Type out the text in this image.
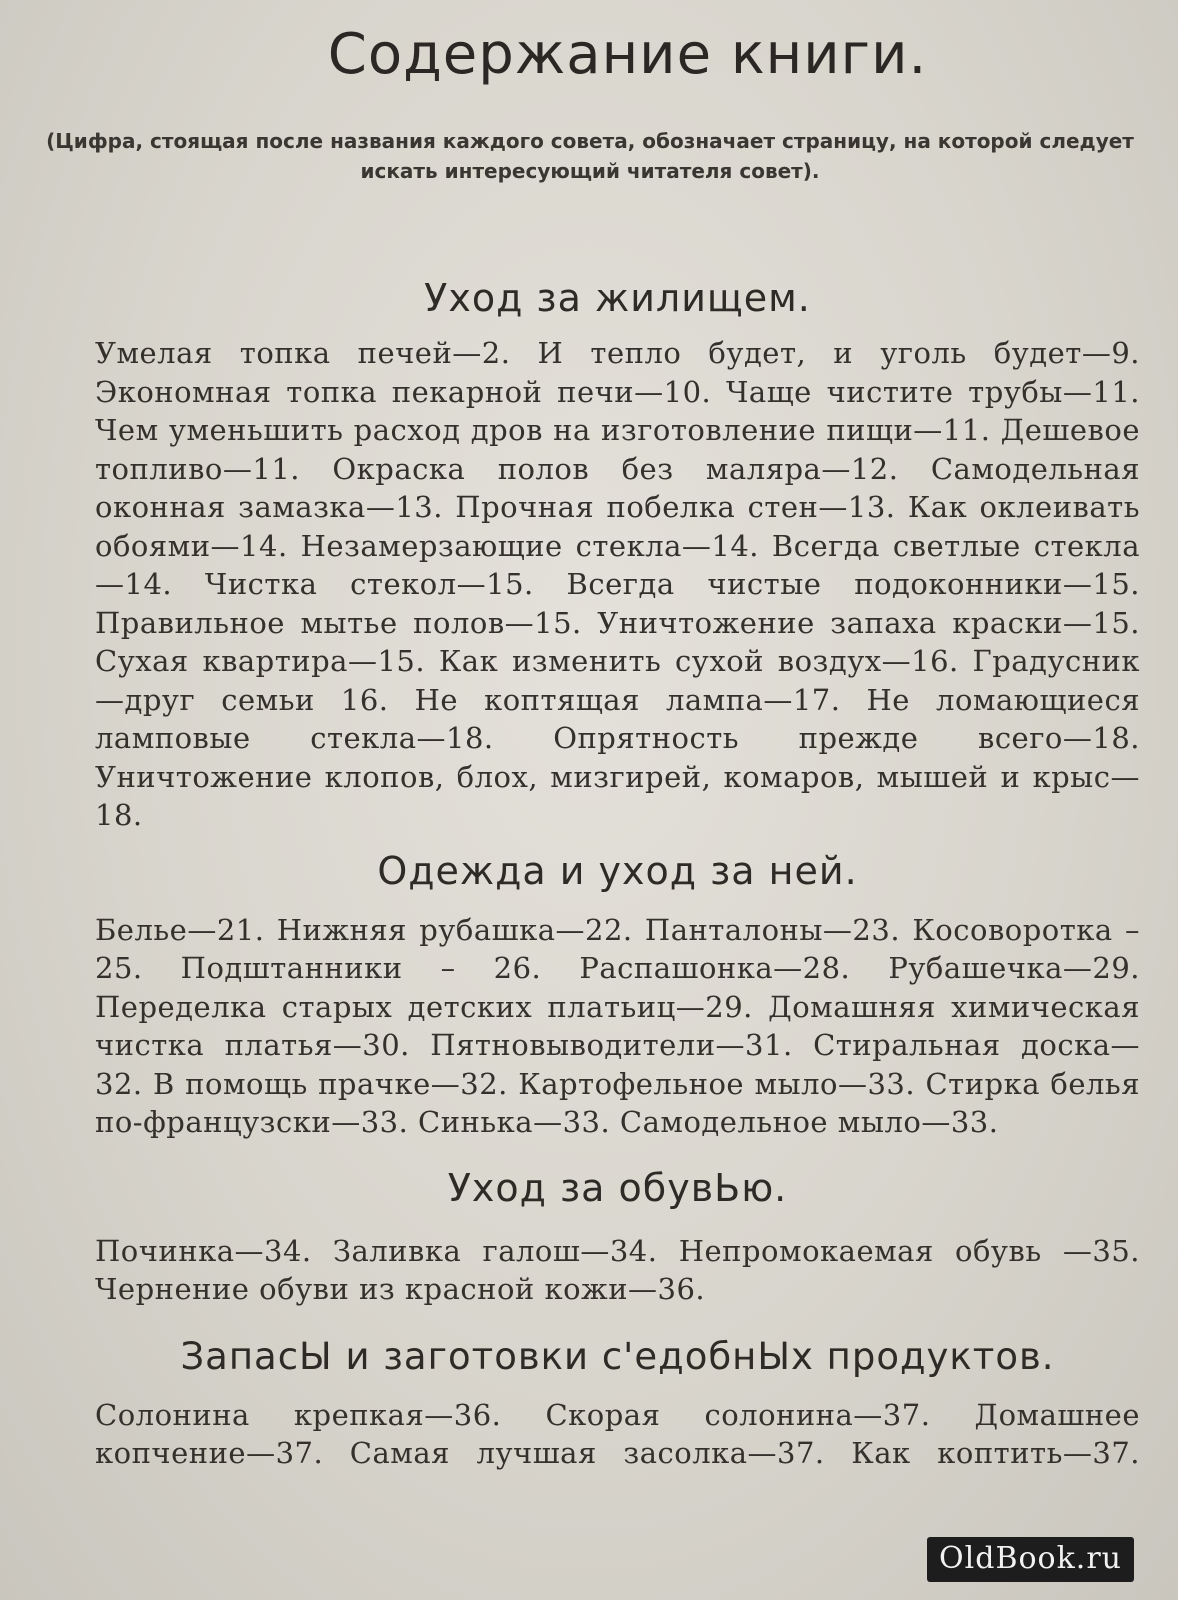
Содержание книги.

(Цифра, стоящая после названия каждого совета, обозначает страницу, на которой следует искать интересующий читателя совет).

Уход за жилищем.

Умелая топка печей—2. И тепло будет, и уголь будет—9. Экономная топка пекарной печи—10. Чаще чистите трубы—11. Чем уменьшить расход дров на изготовление пищи—11. Дешевое топливо—11. Окраска полов без маляра—12. Самодельная оконная замазка—13. Прочная побелка стен—13. Как оклеивать обоями—14. Незамерзающие стекла—14. Всегда светлые стекла—14. Чистка стекол—15. Всегда чистые подоконники—15. Правильное мытье полов—15. Уничтожение запаха краски—15. Сухая квартира—15. Как изменить сухой воздух—16. Градусник —друг семьи 16. Не коптящая лампа—17. Не ломающиеся ламповые стекла—18. Опрятность прежде всего—18. Уничтожение клопов, блох, мизгирей, комаров, мышей и крыс—18.

Одежда и уход за ней.

Белье—21. Нижняя рубашка—22. Панталоны—23. Косоворотка – 25. Подштанники – 26. Распашонка—28. Рубашечка—29. Переделка старых детских платьиц—29. Домашняя химическая чистка платья—30. Пятновыводители—31. Стиральная доска—32. В помощь прачке—32. Картофельное мыло—33. Стирка белья по-французски—33. Синька—33. Самодельное мыло—33.

Уход за обувЬю.

Починка—34. Заливка галош—34. Непромокаемая обувь —35. Чернение обуви из красной кожи—36.

ЗапасЫ и заготовки с'едобнЫх продуктов.

Солонина крепкая—36. Скорая солонина—37. Домашнее копчение—37. Самая лучшая засолка—37. Как коптить—37.

OldBook.ru
